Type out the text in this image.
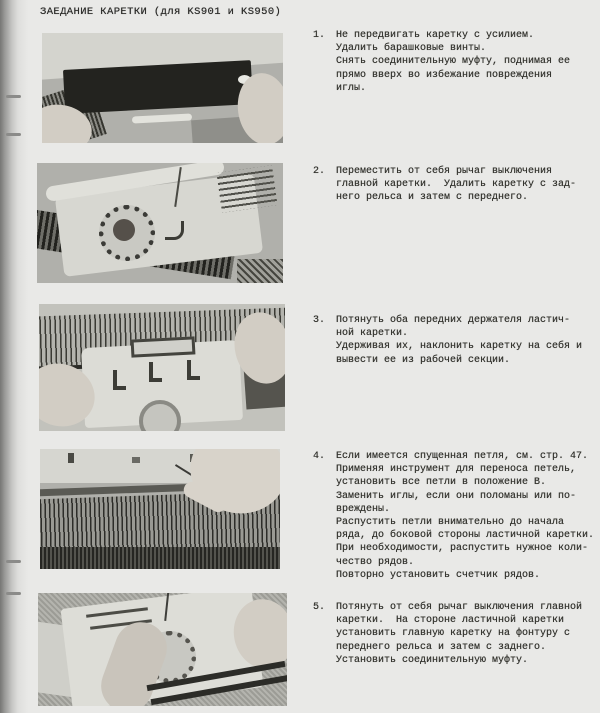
ЗАЕДАНИЕ КАРЕТКИ (для KS901 и KS950)
1.	Не передвигать каретку с усилием.
Удалить барашковые винты.
Снять соединительную муфту, поднимая ее
прямо вверх во избежание повреждения
иглы.
2.	Переместить от себя рычаг выключения
главной каретки.  Удалить каретку с зад-
него рельса и затем с переднего.
3.	Потянуть оба передних держателя ластич-
ной каретки.
Удерживая их, наклонить каретку на себя и
вывести ее из рабочей секции.
4.	Если имеется спущенная петля, см. стр. 47.
Применяя инструмент для переноса петель,
установить все петли в положение B.
Заменить иглы, если они поломаны или по-
вреждены.
Распустить петли внимательно до начала
ряда, до боковой стороны ластичной каретки.
При необходимости, распустить нужное коли-
чество рядов.
Повторно установить счетчик рядов.
5.	Потянуть от себя рычаг выключения главной
каретки.  На стороне ластичной каретки
установить главную каретку на фонтуру с
переднего рельса и затем с заднего.
Установить соединительную муфту.
